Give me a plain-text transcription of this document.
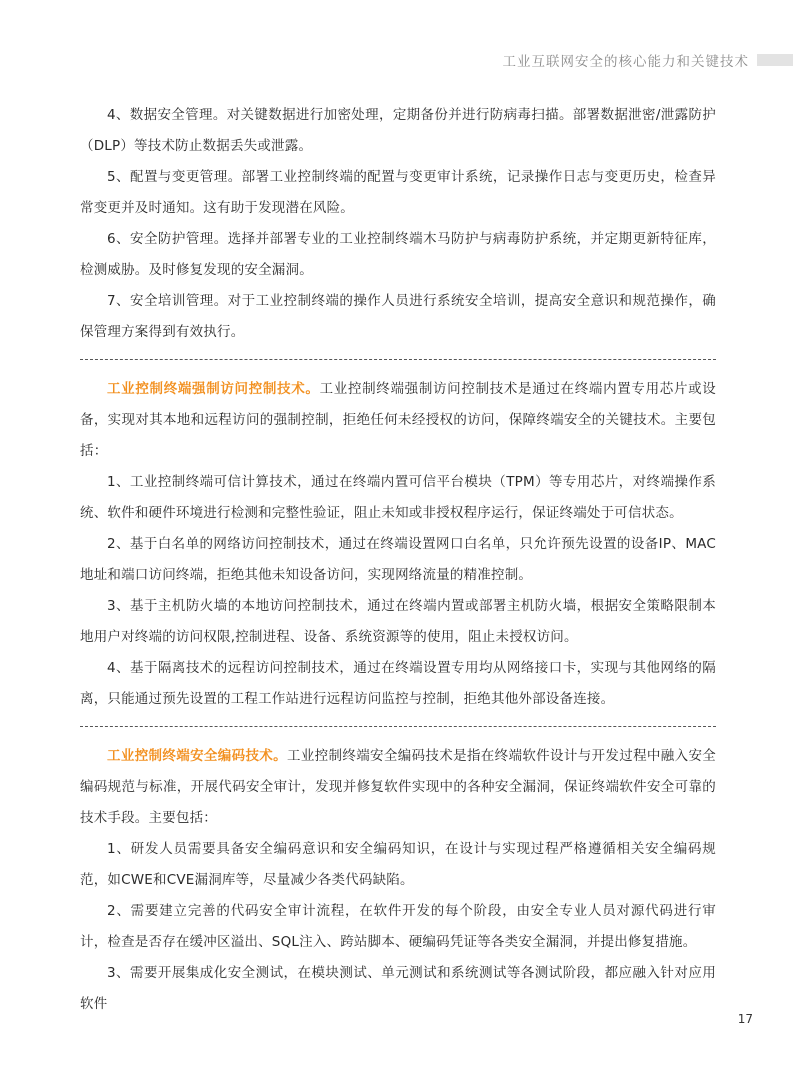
工业互联网安全的核心能力和关键技术

4、数据安全管理。对关键数据进行加密处理，定期备份并进行防病毒扫描。部署数据泄密/泄露防护（DLP）等技术防止数据丢失或泄露。

5、配置与变更管理。部署工业控制终端的配置与变更审计系统，记录操作日志与变更历史，检查异常变更并及时通知。这有助于发现潜在风险。

6、安全防护管理。选择并部署专业的工业控制终端木马防护与病毒防护系统，并定期更新特征库，检测威胁。及时修复发现的安全漏洞。

7、安全培训管理。对于工业控制终端的操作人员进行系统安全培训，提高安全意识和规范操作，确保管理方案得到有效执行。

工业控制终端强制访问控制技术。工业控制终端强制访问控制技术是通过在终端内置专用芯片或设备，实现对其本地和远程访问的强制控制，拒绝任何未经授权的访问，保障终端安全的关键技术。主要包括：

1、工业控制终端可信计算技术，通过在终端内置可信平台模块（TPM）等专用芯片，对终端操作系统、软件和硬件环境进行检测和完整性验证，阻止未知或非授权程序运行，保证终端处于可信状态。

2、基于白名单的网络访问控制技术，通过在终端设置网口白名单，只允许预先设置的设备IP、MAC地址和端口访问终端，拒绝其他未知设备访问，实现网络流量的精准控制。

3、基于主机防火墙的本地访问控制技术，通过在终端内置或部署主机防火墙，根据安全策略限制本地用户对终端的访问权限,控制进程、设备、系统资源等的使用，阻止未授权访问。

4、基于隔离技术的远程访问控制技术，通过在终端设置专用均从网络接口卡，实现与其他网络的隔离，只能通过预先设置的工程工作站进行远程访问监控与控制，拒绝其他外部设备连接。

工业控制终端安全编码技术。工业控制终端安全编码技术是指在终端软件设计与开发过程中融入安全编码规范与标准，开展代码安全审计，发现并修复软件实现中的各种安全漏洞，保证终端软件安全可靠的技术手段。主要包括：

1、研发人员需要具备安全编码意识和安全编码知识，在设计与实现过程严格遵循相关安全编码规范，如CWE和CVE漏洞库等，尽量减少各类代码缺陷。

2、需要建立完善的代码安全审计流程，在软件开发的每个阶段，由安全专业人员对源代码进行审计，检查是否存在缓冲区溢出、SQL注入、跨站脚本、硬编码凭证等各类安全漏洞，并提出修复措施。

3、需要开展集成化安全测试，在模块测试、单元测试和系统测试等各测试阶段，都应融入针对应用软件

17
